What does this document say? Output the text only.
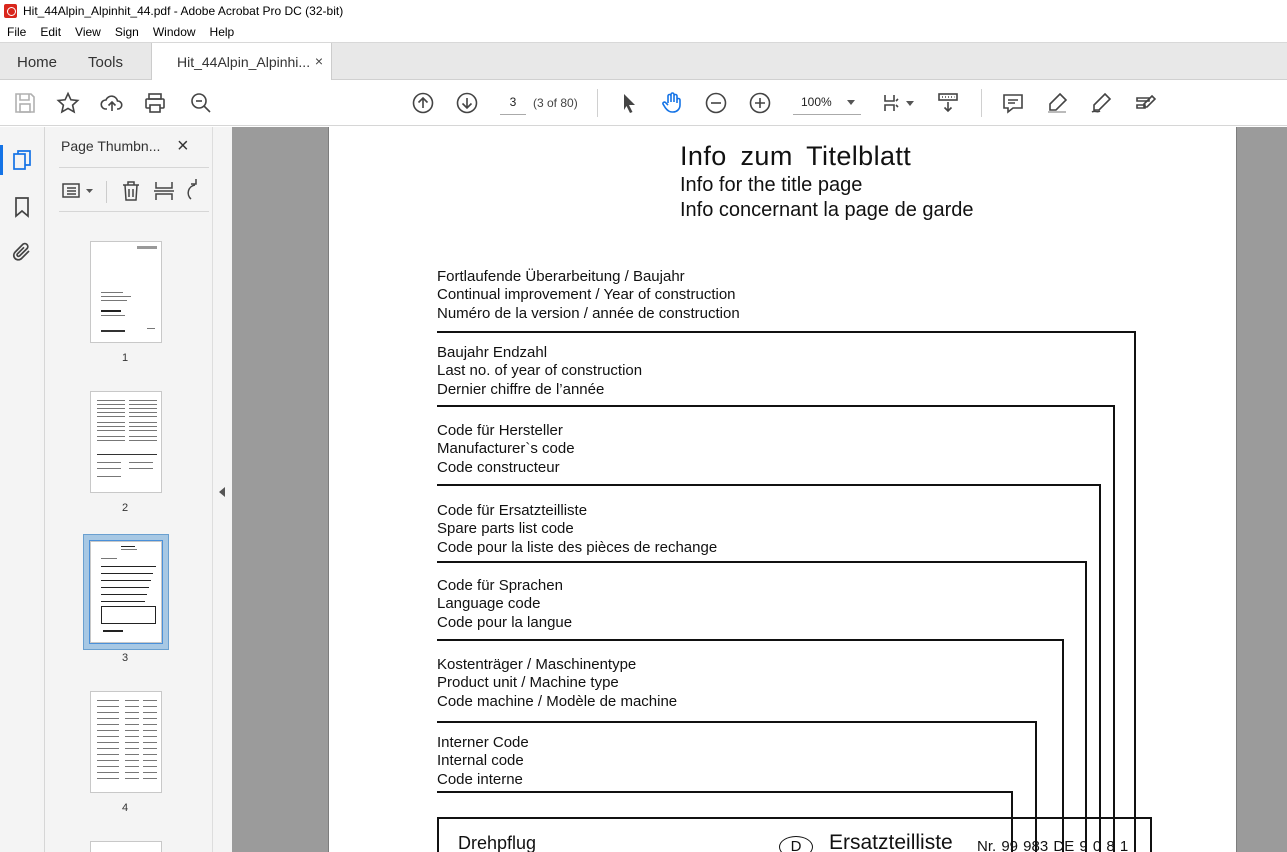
Hit_44Alpin_Alpinhit_44.pdf - Adobe Acrobat Pro DC (32-bit)
File Edit View Sign Window Help
Home Tools	Hit_44Alpin_Alpinhi... ×
3	(3 of 80)	100%
Page Thumbn... ×
1
2
3
4
Info zum Titelblatt
Info for the title page
Info concernant la page de garde
Fortlaufende Überarbeitung / Baujahr
Continual improvement / Year of construction
Numéro de la version / année de construction
Baujahr Endzahl
Last no. of year of construction
Dernier chiffre de l’année
Code für Hersteller
Manufacturer`s code
Code constructeur
Code für Ersatzteilliste
Spare parts list code
Code pour la liste des pièces de rechange
Code für Sprachen
Language code
Code pour la langue
Kostenträger / Maschinentype
Product unit / Machine type
Code machine / Modèle de machine
Interner Code
Internal code
Code interne
Drehpflug	D	Ersatzteilliste Nr. 99 983 DE 9 0 8 1
